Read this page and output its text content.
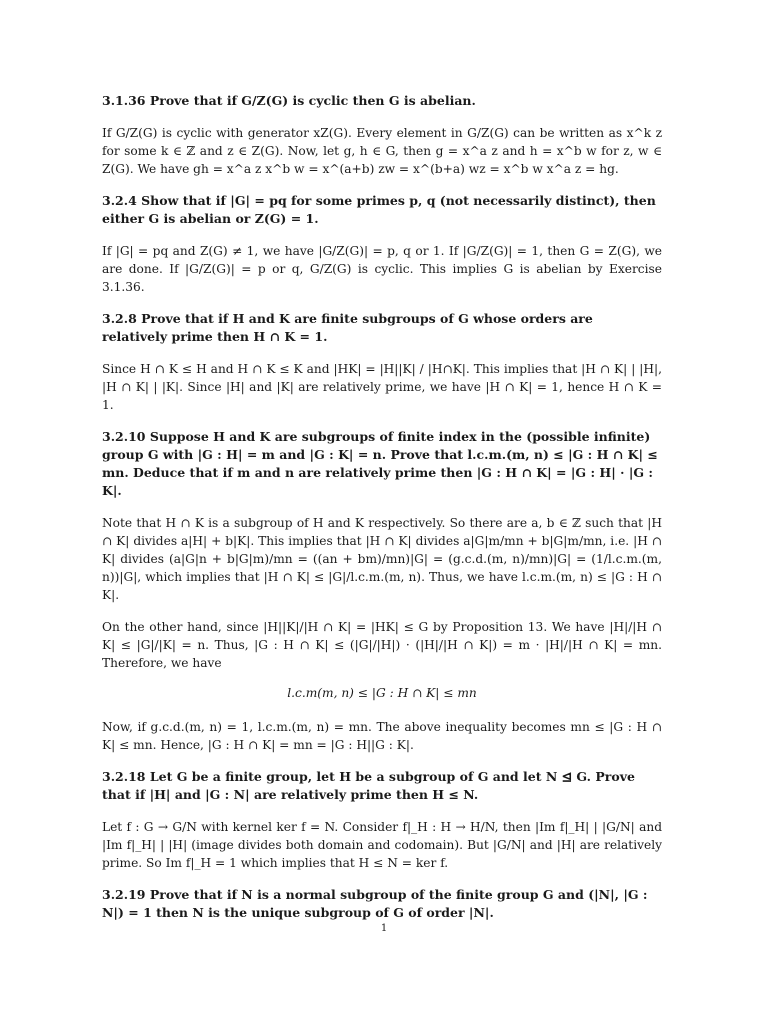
3.1.36 Prove that if G/Z(G) is cyclic then G is abelian.
If G/Z(G) is cyclic with generator xZ(G). Every element in G/Z(G) can be written as x^k z for some k ∈ ℤ and z ∈ Z(G). Now, let g, h ∈ G, then g = x^a z and h = x^b w for z, w ∈ Z(G). We have gh = x^a z x^b w = x^(a+b) zw = x^(b+a) wz = x^b w x^a z = hg.
3.2.4 Show that if |G| = pq for some primes p, q (not necessarily distinct), then either G is abelian or Z(G) = 1.
If |G| = pq and Z(G) ≠ 1, we have |G/Z(G)| = p, q or 1. If |G/Z(G)| = 1, then G = Z(G), we are done. If |G/Z(G)| = p or q, G/Z(G) is cyclic. This implies G is abelian by Exercise 3.1.36.
3.2.8 Prove that if H and K are finite subgroups of G whose orders are relatively prime then H ∩ K = 1.
Since H ∩ K ≤ H and H ∩ K ≤ K and |HK| = |H||K| / |H∩K|. This implies that |H ∩ K| | |H|, |H ∩ K| | |K|. Since |H| and |K| are relatively prime, we have |H ∩ K| = 1, hence H ∩ K = 1.
3.2.10 Suppose H and K are subgroups of finite index in the (possible infinite) group G with |G : H| = m and |G : K| = n. Prove that l.c.m.(m, n) ≤ |G : H ∩ K| ≤ mn. Deduce that if m and n are relatively prime then |G : H ∩ K| = |G : H| · |G : K|.
Note that H ∩ K is a subgroup of H and K respectively. So there are a, b ∈ ℤ such that |H ∩ K| divides a|H| + b|K|. This implies that |H ∩ K| divides a|G|m/mn + b|G|m/mn, i.e. |H ∩ K| divides (a|G|n + b|G|m)/mn = ((an + bm)/mn)|G| = (g.c.d.(m, n)/mn)|G| = (1/l.c.m.(m, n))|G|, which implies that |H ∩ K| ≤ |G|/l.c.m.(m, n). Thus, we have l.c.m.(m, n) ≤ |G : H ∩ K|.
On the other hand, since |H||K|/|H ∩ K| = |HK| ≤ G by Proposition 13. We have |H|/|H ∩ K| ≤ |G|/|K| = n. Thus, |G : H ∩ K| ≤ (|G|/|H|) · (|H|/|H ∩ K|) = m · |H|/|H ∩ K| = mn. Therefore, we have
l.c.m(m, n) ≤ |G : H ∩ K| ≤ mn
Now, if g.c.d.(m, n) = 1, l.c.m.(m, n) = mn. The above inequality becomes mn ≤ |G : H ∩ K| ≤ mn. Hence, |G : H ∩ K| = mn = |G : H||G : K|.
3.2.18 Let G be a finite group, let H be a subgroup of G and let N ⊴ G. Prove that if |H| and |G : N| are relatively prime then H ≤ N.
Let f : G → G/N with kernel ker f = N. Consider f|_H : H → H/N, then |Im f|_H| | |G/N| and |Im f|_H| | |H| (image divides both domain and codomain). But |G/N| and |H| are relatively prime. So Im f|_H = 1 which implies that H ≤ N = ker f.
3.2.19 Prove that if N is a normal subgroup of the finite group G and (|N|, |G : N|) = 1 then N is the unique subgroup of G of order |N|.
1
